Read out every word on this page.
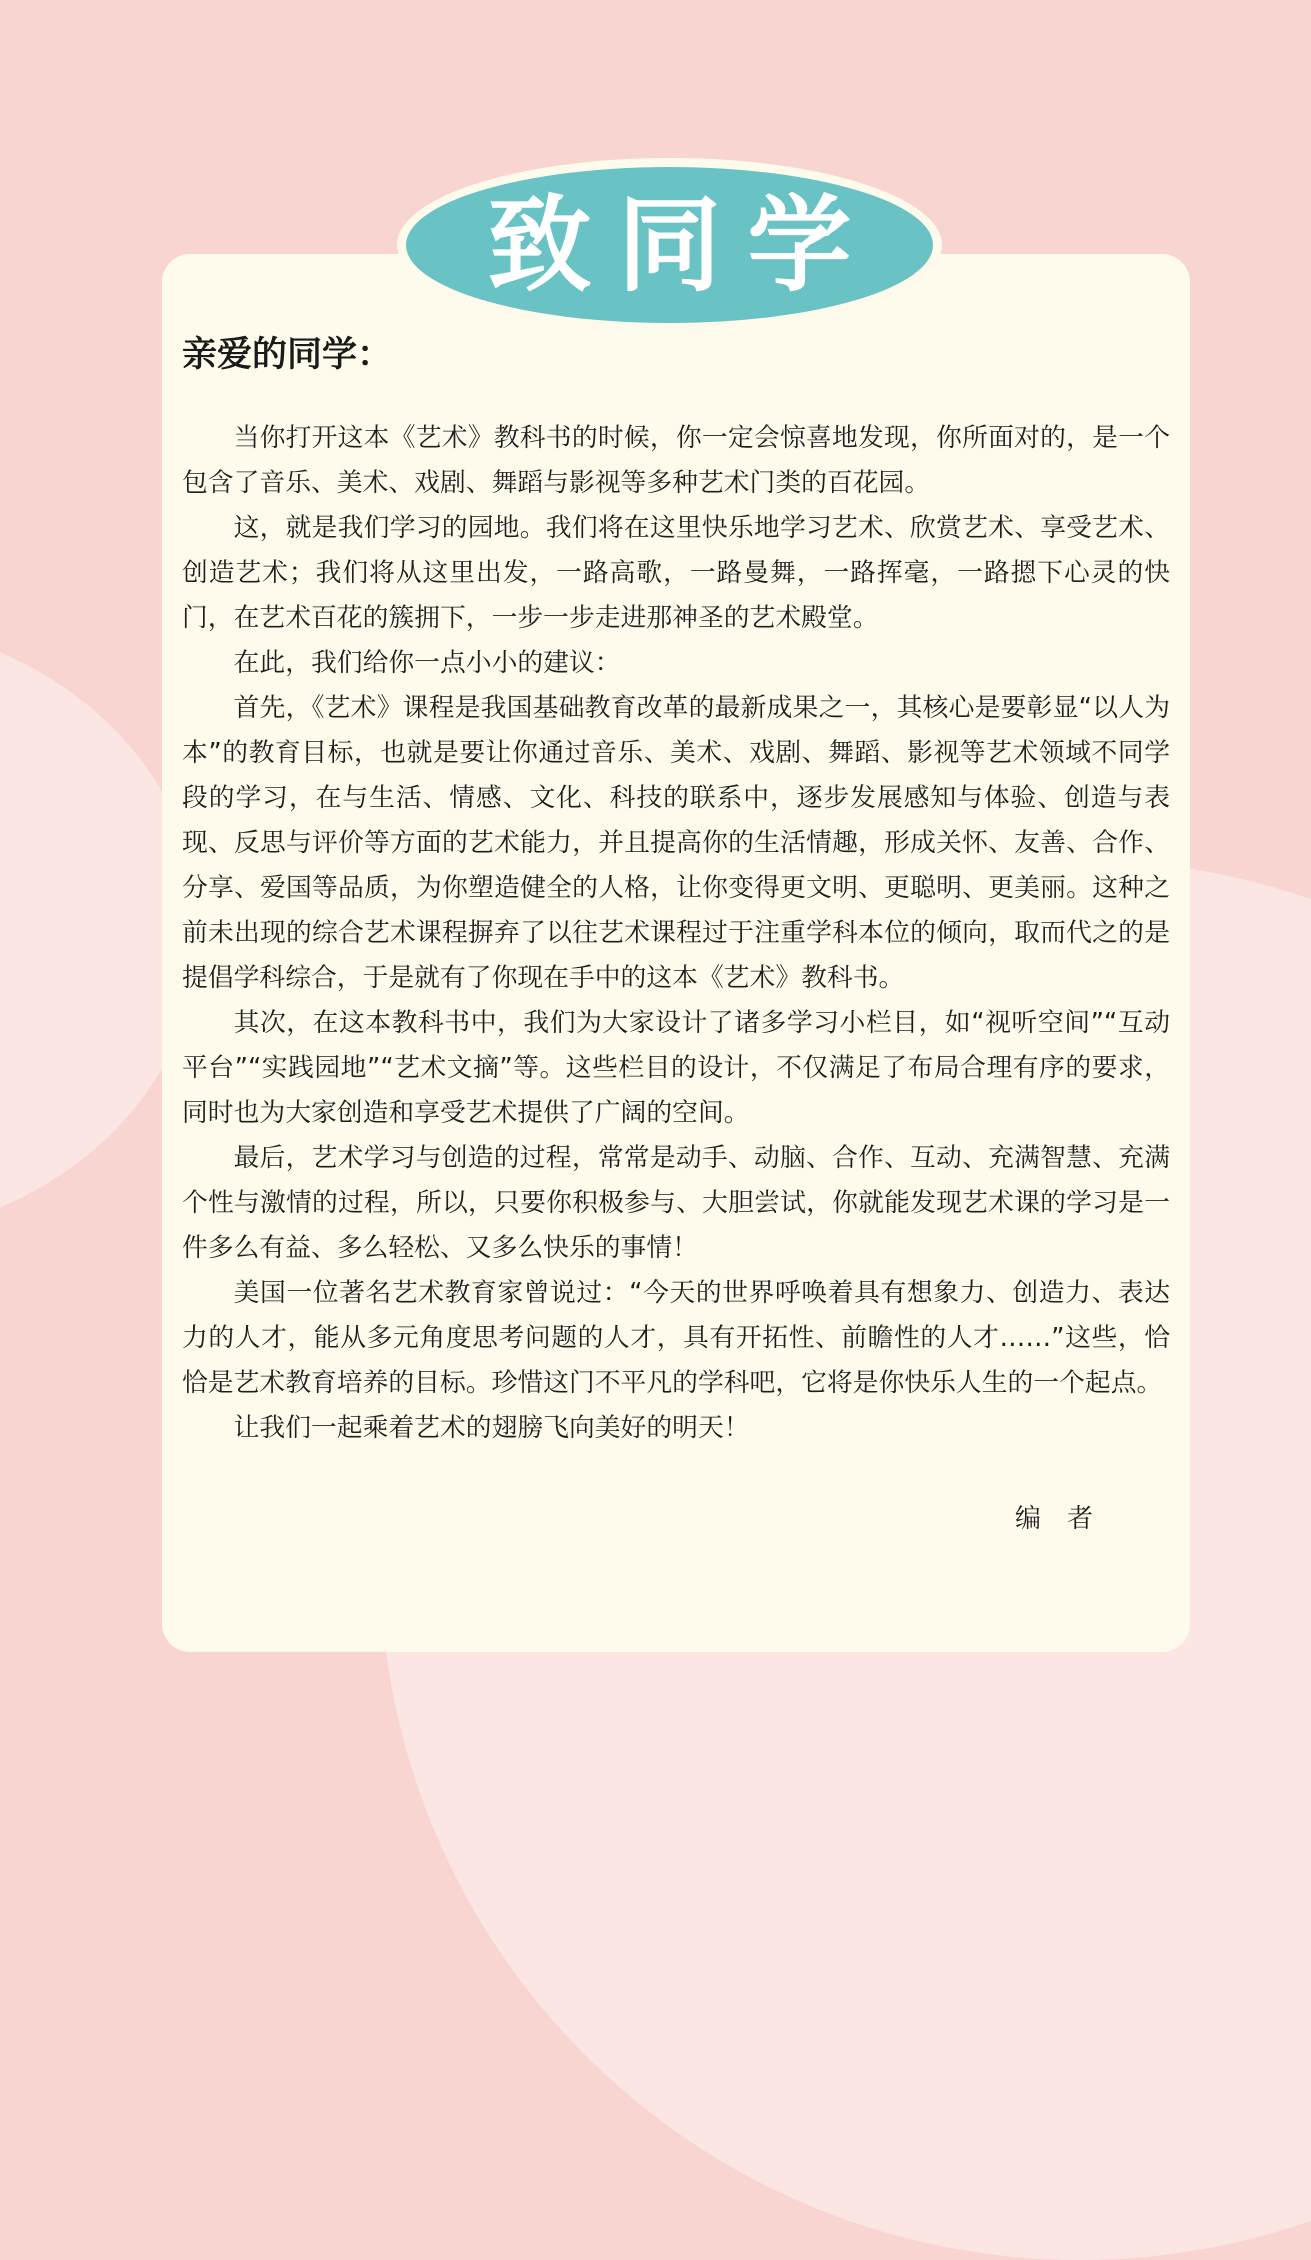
致同学
亲爱的同学：

当你打开这本《艺术》教科书的时候，你一定会惊喜地发现，你所面对的，是一个包含了音乐、美术、戏剧、舞蹈与影视等多种艺术门类的百花园。

这，就是我们学习的园地。我们将在这里快乐地学习艺术、欣赏艺术、享受艺术、创造艺术；我们将从这里出发，一路高歌，一路曼舞，一路挥毫，一路摁下心灵的快门，在艺术百花的簇拥下，一步一步走进那神圣的艺术殿堂。

在此，我们给你一点小小的建议：

首先，《艺术》课程是我国基础教育改革的最新成果之一，其核心是要彰显“以人为本”的教育目标，也就是要让你通过音乐、美术、戏剧、舞蹈、影视等艺术领域不同学段的学习，在与生活、情感、文化、科技的联系中，逐步发展感知与体验、创造与表现、反思与评价等方面的艺术能力，并且提高你的生活情趣，形成关怀、友善、合作、分享、爱国等品质，为你塑造健全的人格，让你变得更文明、更聪明、更美丽。这种之前未出现的综合艺术课程摒弃了以往艺术课程过于注重学科本位的倾向，取而代之的是提倡学科综合，于是就有了你现在手中的这本《艺术》教科书。

其次，在这本教科书中，我们为大家设计了诸多学习小栏目，如“视听空间”“互动平台”“实践园地”“艺术文摘”等。这些栏目的设计，不仅满足了布局合理有序的要求，同时也为大家创造和享受艺术提供了广阔的空间。

最后，艺术学习与创造的过程，常常是动手、动脑、合作、互动、充满智慧、充满个性与激情的过程，所以，只要你积极参与、大胆尝试，你就能发现艺术课的学习是一件多么有益、多么轻松、又多么快乐的事情！

美国一位著名艺术教育家曾说过：“今天的世界呼唤着具有想象力、创造力、表达力的人才，能从多元角度思考问题的人才，具有开拓性、前瞻性的人才……”这些，恰恰是艺术教育培养的目标。珍惜这门不平凡的学科吧，它将是你快乐人生的一个起点。

让我们一起乘着艺术的翅膀飞向美好的明天！

编者
